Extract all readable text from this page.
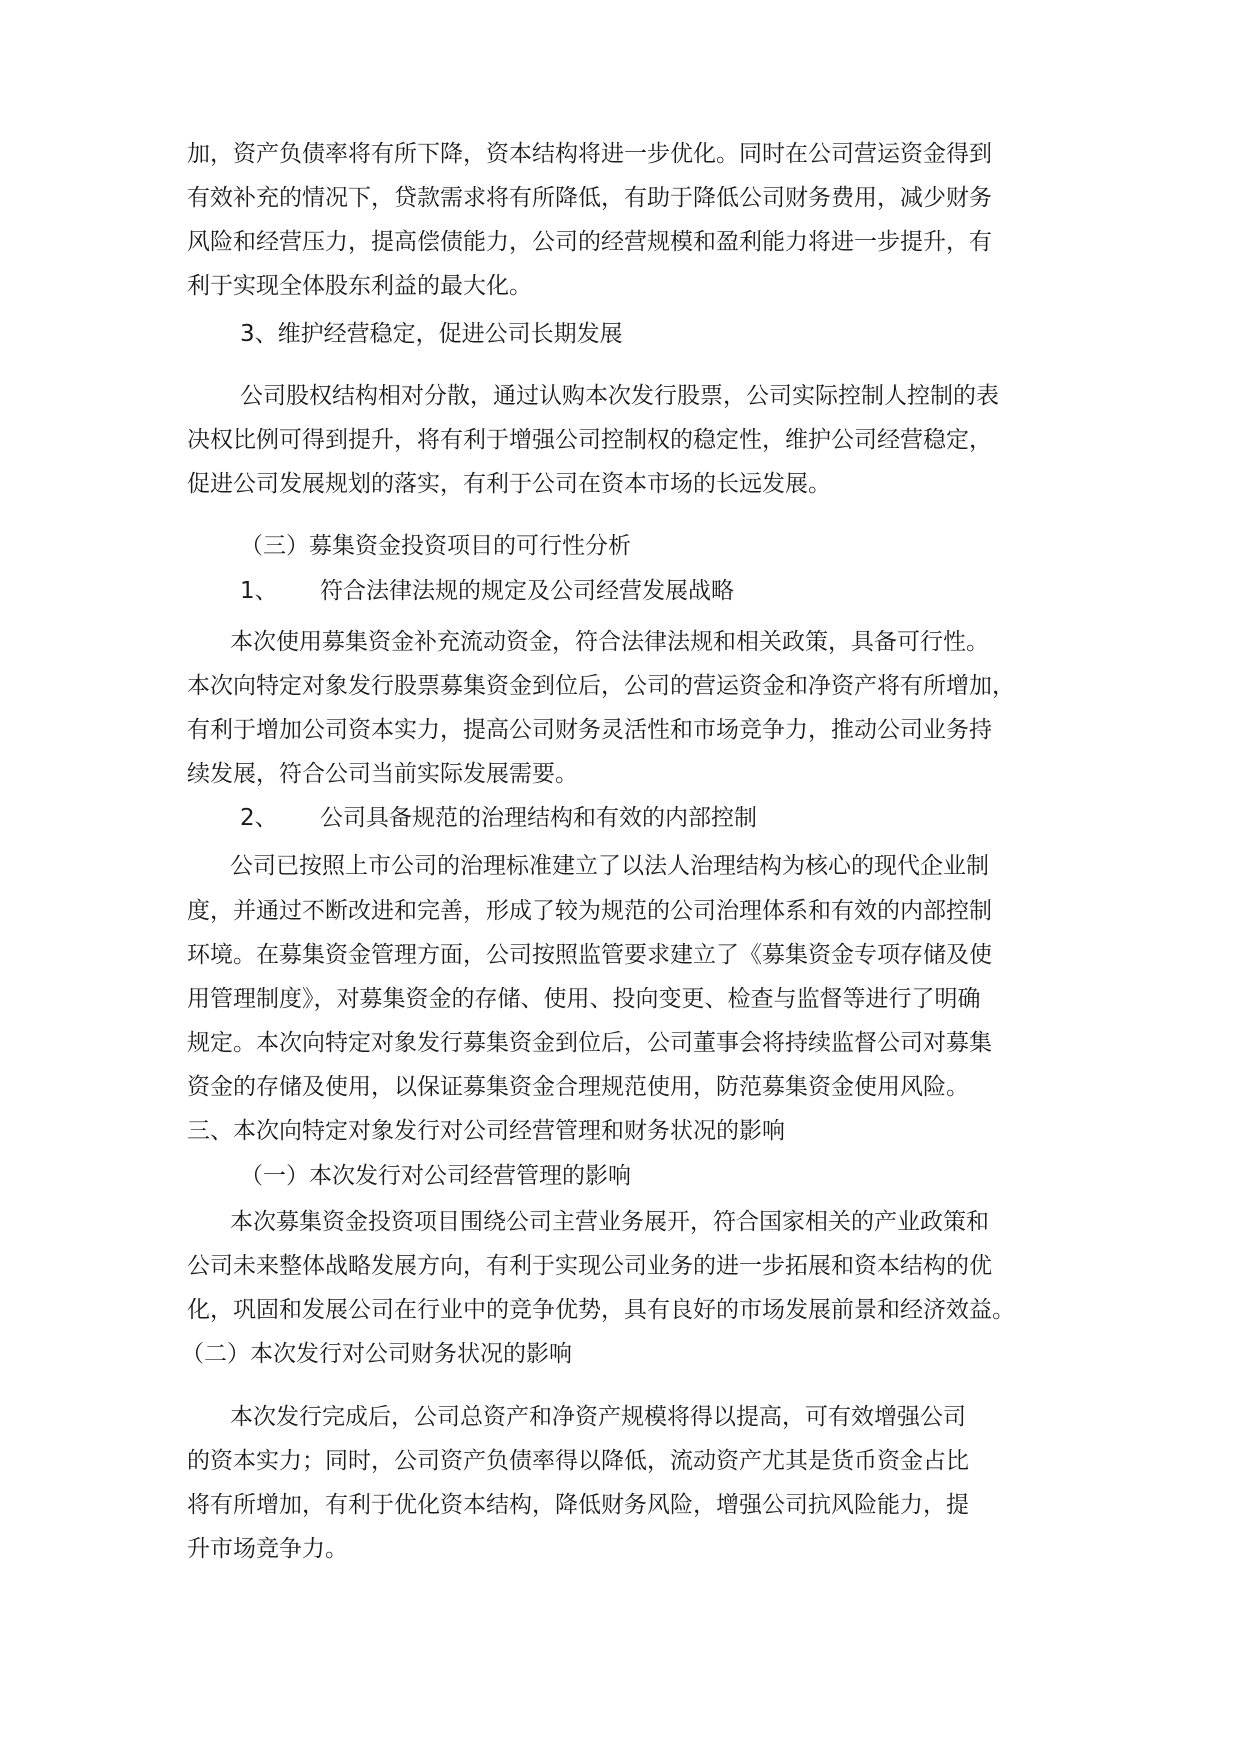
加，资产负债率将有所下降，资本结构将进一步优化。同时在公司营运资金得到

有效补充的情况下，贷款需求将有所降低，有助于降低公司财务费用，减少财务

风险和经营压力，提高偿债能力，公司的经营规模和盈利能力将进一步提升，有

利于实现全体股东利益的最大化。

3、维护经营稳定，促进公司长期发展

公司股权结构相对分散，通过认购本次发行股票，公司实际控制人控制的表

决权比例可得到提升，将有利于增强公司控制权的稳定性，维护公司经营稳定，

促进公司发展规划的落实，有利于公司在资本市场的长远发展。

（三）募集资金投资项目的可行性分析

1、 符合法律法规的规定及公司经营发展战略

本次使用募集资金补充流动资金，符合法律法规和相关政策，具备可行性。

本次向特定对象发行股票募集资金到位后，公司的营运资金和净资产将有所增加，

有利于增加公司资本实力，提高公司财务灵活性和市场竞争力，推动公司业务持

续发展，符合公司当前实际发展需要。

2、 公司具备规范的治理结构和有效的内部控制

公司已按照上市公司的治理标准建立了以法人治理结构为核心的现代企业制

度，并通过不断改进和完善，形成了较为规范的公司治理体系和有效的内部控制

环境。在募集资金管理方面，公司按照监管要求建立了《募集资金专项存储及使

用管理制度》，对募集资金的存储、使用、投向变更、检查与监督等进行了明确

规定。本次向特定对象发行募集资金到位后，公司董事会将持续监督公司对募集

资金的存储及使用，以保证募集资金合理规范使用，防范募集资金使用风险。

三、本次向特定对象发行对公司经营管理和财务状况的影响

（一）本次发行对公司经营管理的影响

本次募集资金投资项目围绕公司主营业务展开，符合国家相关的产业政策和

公司未来整体战略发展方向，有利于实现公司业务的进一步拓展和资本结构的优

化，巩固和发展公司在行业中的竞争优势，具有良好的市场发展前景和经济效益。

（二）本次发行对公司财务状况的影响

本次发行完成后，公司总资产和净资产规模将得以提高，可有效增强公司

的资本实力；同时，公司资产负债率得以降低，流动资产尤其是货币资金占比

将有所增加，有利于优化资本结构，降低财务风险，增强公司抗风险能力，提

升市场竞争力。
